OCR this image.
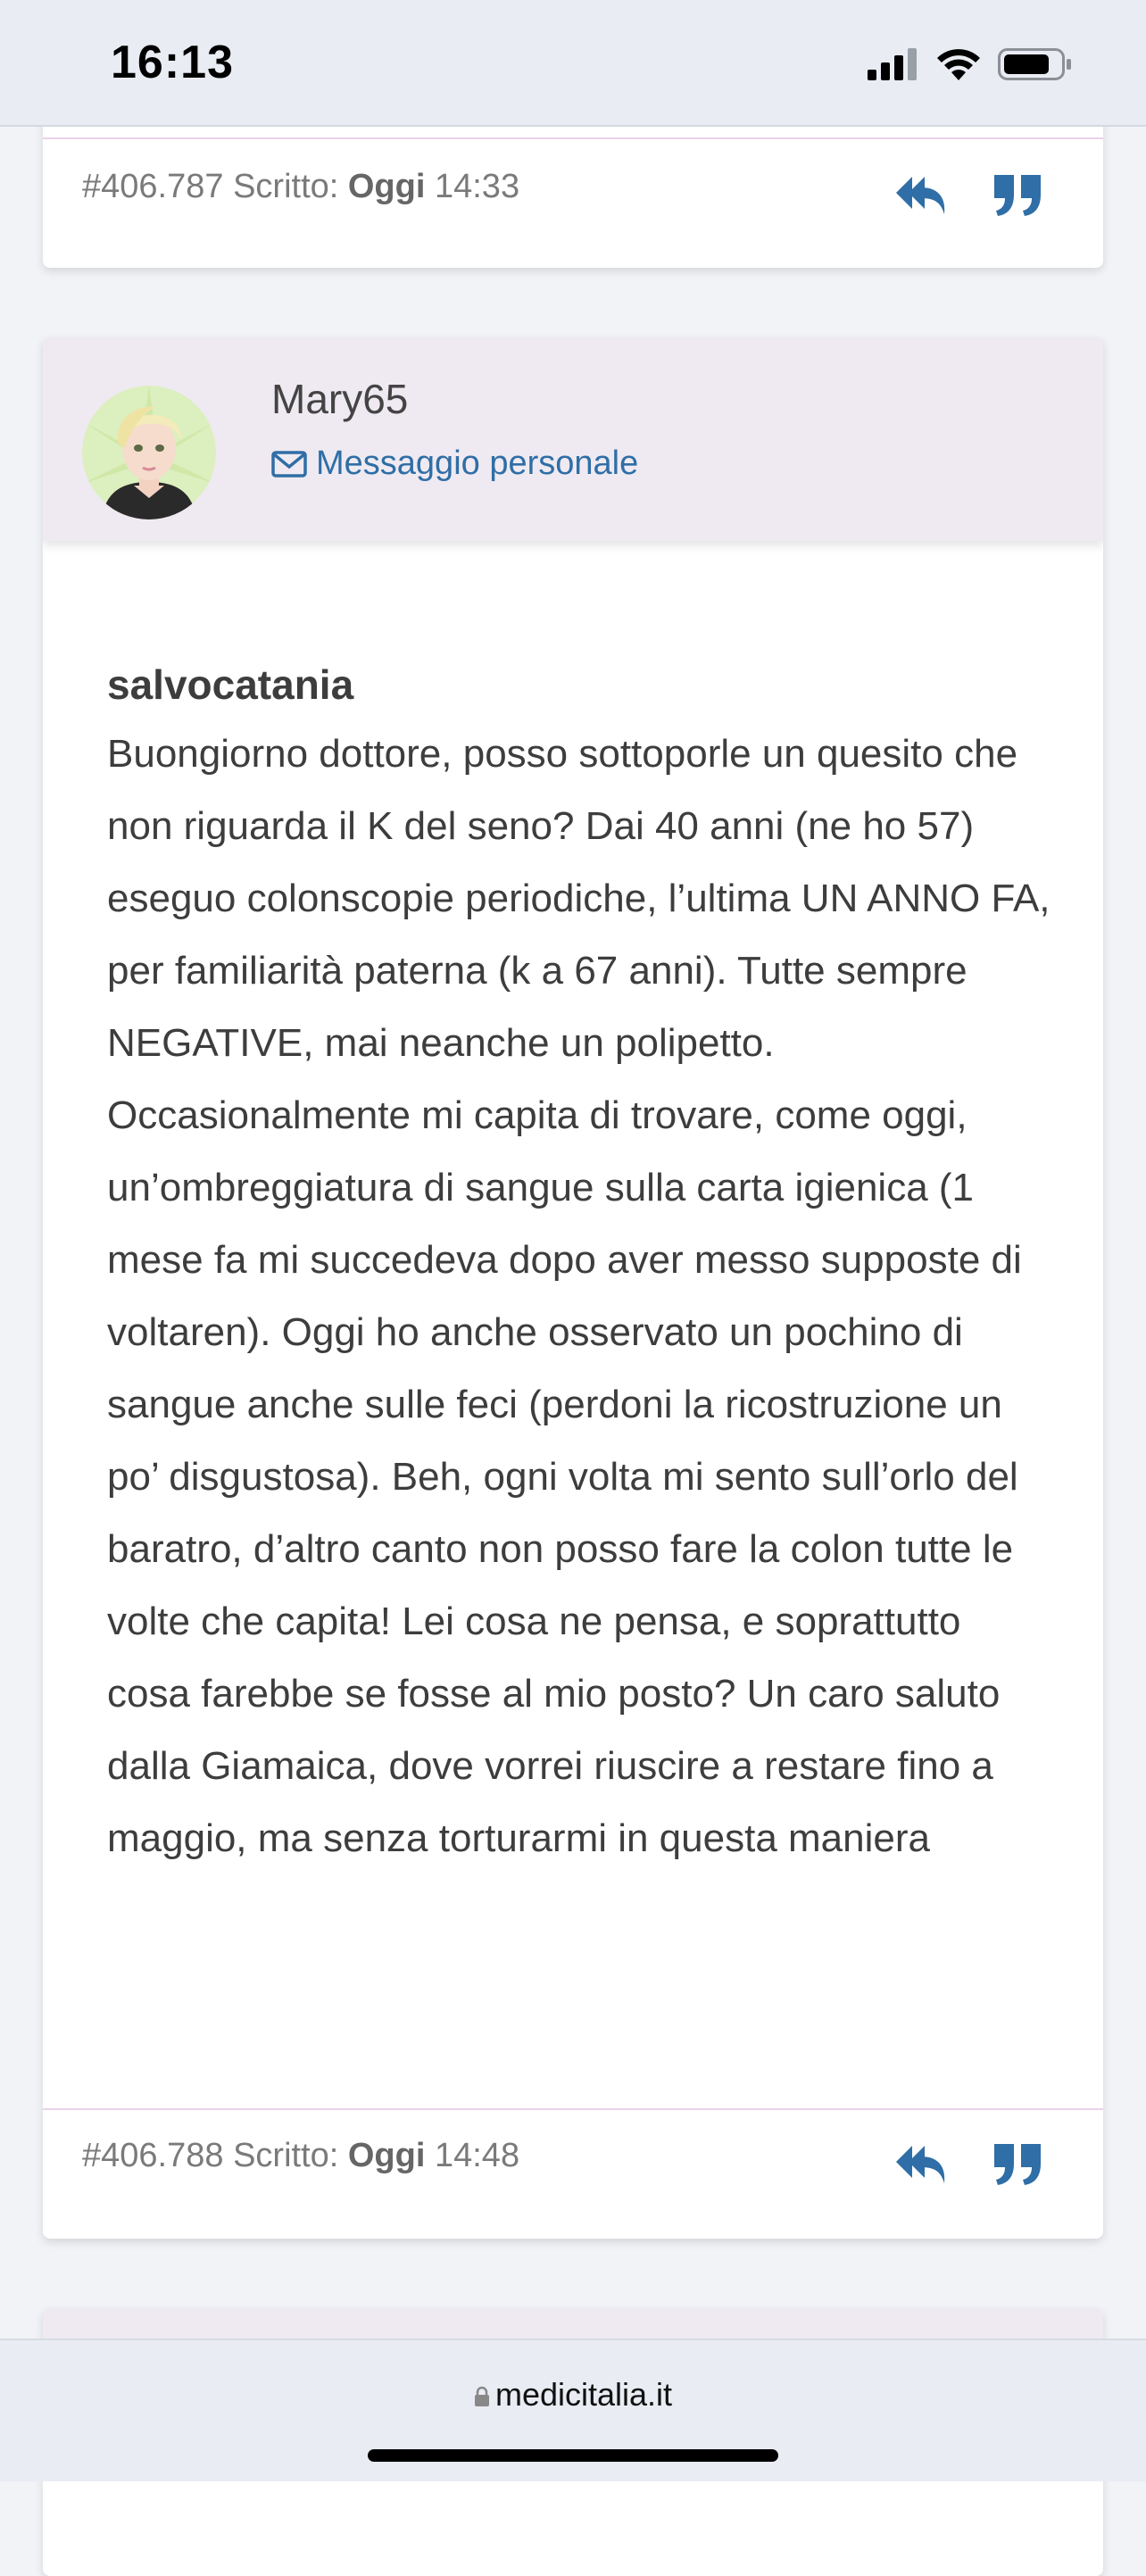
16:13
#406.787 Scritto: Oggi 14:33
Mary65
Messaggio personale
salvocatania
Buongiorno dottore, posso sottoporle un quesito che non riguarda il K del seno? Dai 40 anni (ne ho 57) eseguo colonscopie periodiche, l’ultima UN ANNO FA, per familiarità paterna (k a 67 anni). Tutte sempre NEGATIVE, mai neanche un polipetto. Occasionalmente mi capita di trovare, come oggi, un’ombreggiatura di sangue sulla carta igienica (1 mese fa mi succedeva dopo aver messo supposte di voltaren). Oggi ho anche osservato un pochino di sangue anche sulle feci (perdoni la ricostruzione un po’ disgustosa). Beh, ogni volta mi sento sull’orlo del baratro, d’altro canto non posso fare la colon tutte le volte che capita! Lei cosa ne pensa, e soprattutto cosa farebbe se fosse al mio posto? Un caro saluto dalla Giamaica, dove vorrei riuscire a restare fino a maggio, ma senza torturarmi in questa maniera
#406.788 Scritto: Oggi 14:48
medicitalia.it
